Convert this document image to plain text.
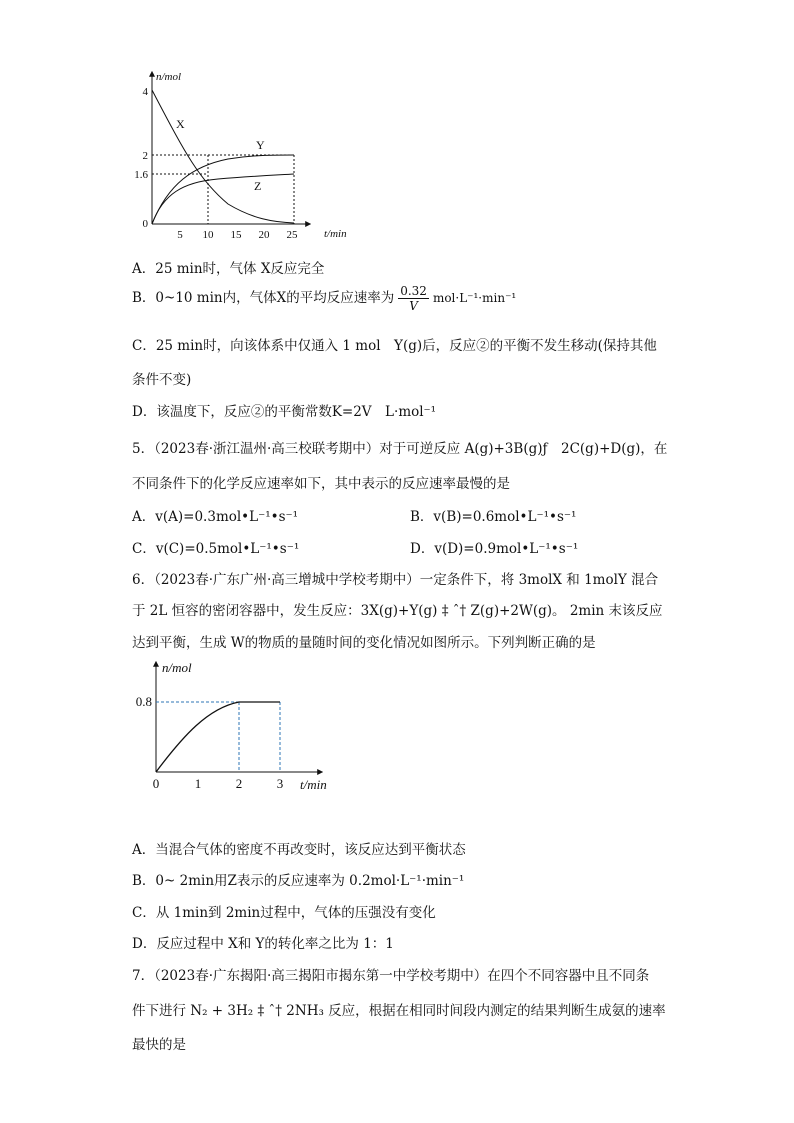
n/mol
t/min
4
2
1.6
0
5 10 15 20 25
X
Y
Z
A．25 min时，气体 X反应完全
B．0~10 min内，气体X的平均反应速率为 $\frac{0.32}{V} mol\cdot L^{-1}\cdot\min^{-1}$
C．25 min时，向该体系中仅通入 1 mol　Y(g)后，反应②的平衡不发生移动(保持其他
条件不变)
D．该温度下，反应②的平衡常数K=2V　L·mol⁻¹
5．（2023春·浙江温州·高三校联考期中）对于可逆反应 A(g)+3B(g)ƒ　2C(g)+D(g)，在
不同条件下的化学反应速率如下，其中表示的反应速率最慢的是
A．v(A)=0.3mol•L⁻¹•s⁻¹	B．v(B)=0.6mol•L⁻¹•s⁻¹
C．v(C)=0.5mol•L⁻¹•s⁻¹	D．v(D)=0.9mol•L⁻¹•s⁻¹
6．（2023春·广东广州·高三增城中学校考期中）一定条件下，将 3molX 和 1molY 混合
于 2L 恒容的密闭容器中，发生反应：3X(g)+Y(g) ‡ ˆ† Z(g)+2W(g)。 2min 末该反应
达到平衡，生成 W的物质的量随时间的变化情况如图所示。下列判断正确的是
n/mol
t/min
0.8
0	1	2	3
A．当混合气体的密度不再改变时，该反应达到平衡状态
B．0~ 2min用Z表示的反应速率为 0.2mol·L⁻¹·min⁻¹
C．从 1min到 2min过程中，气体的压强没有变化
D．反应过程中 X和 Y的转化率之比为 1：1
7．（2023春·广东揭阳·高三揭阳市揭东第一中学校考期中）在四个不同容器中且不同条
件下进行 N₂ + 3H₂ ‡ ˆ† 2NH₃ 反应，根据在相同时间段内测定的结果判断生成氨的速率
最快的是
